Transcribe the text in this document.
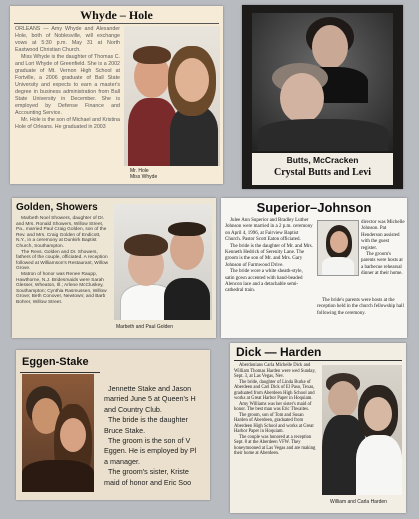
Whyde – Hole

ORLEANS — Amy Whyde and Alexander Hole, both of Noblesville, will exchange vows at 5:30 p.m. May 31 at North Eastwood Christian Church.

Miss Whyde is the daughter of Thomas C. and Lori Whyde of Greenfield. She is a 2002 graduate of Mt. Vernon High School at Fortville, a 2006 graduate of Ball State University and expects to earn a master's degree in business administration from Ball State University in December. She is employed by Defense Finance and Accounting Service.

Mr. Hole is the son of Michael and Kristina Hole of Orleans. He graduated in 2003

Mr. Hole
Miss Whyde
Butts, McCracken
Crystal Butts and Levi
Golden, Showers

Marbeth Noel Showers, daughter of Dr. and Mrs. Ronald Showers, Willow Street, Pa., married Paul Craig Golden, son of the Rev. and Mrs. Craig Golden of Endicott, N.Y., in a ceremony at Dunkirk Baptist Church, Southampton.

The Revs. Golden and Dr. Showers, fathers of the couple, officiated. A reception followed at Williamson's Restaurant, Willow Grove.

Matron of honor was Renee Raupp, Hawthorne, N.J. Bridesmaids were Sarah Glesser, Wheaton, Ill.; Arlene McCluskey, Southampton; Cynthia Rasmussen, Willow Grove; Beth Conover, Newtown; and Barb Bohrer, Willow Street.

Marbeth and Paul Golden
Superior–Johnson

Julee Ann Superior and Bradley Luther Johnson were married in a 2 p.m. ceremony on April 4, 1996, at Fairview Baptist Church. Pastor Scott Eaton officiated.

The bride is the daughter of Mr. and Mrs. Kenneth Hedrick of Serenity Lane. The groom is the son of Mr. and Mrs. Gary Johnson of Farmwood Drive.

The bride wore a white sheath-style, satin gown accented with hand-beaded Alencon lace and a detachable semi-cathedral train.

director was Michelle Johnson. Pat Henderson assisted with the guest register.

The groom's parents were hosts at a barbecue rehearsal dinner at their home.

The bride's parents were hosts at the reception held in the church fellowship hall following the ceremony.

Eggen-Stake
Jennette Stake and Jason
married June 5 at Queen's H
and Country Club.
The bride is the daughter
Bruce Stake.
The groom is the son of V
Eggen. He is employed by Pl
a manager.
The groom's sister, Kriste
maid of honor and Eric Soo
Dick — Harden

Aberdonians Carla Michelle Dick and William Thomas Harden were wed Sunday, Sept. 3, at Las Vegas, Nev.

The bride, daughter of Linda Burke of Aberdeen and Carl Dick of El Paso, Texas, graduated from Aberdeen High School and works at Great Harbor Paper in Hoquiam.

Amy Williams was her sister's maid of honor. The best man was Eric Thwaites.

The groom, son of Tom and Susan Harden of Aberdeen, graduated from Aberdeen High School and works at Great Harbor Paper in Hoquiam.

The couple was honored at a reception Sept. 8 at the Aberdeen VFW. They honeymooned at Las Vegas and are making their home at Aberdeen.

William and Carla Harden
